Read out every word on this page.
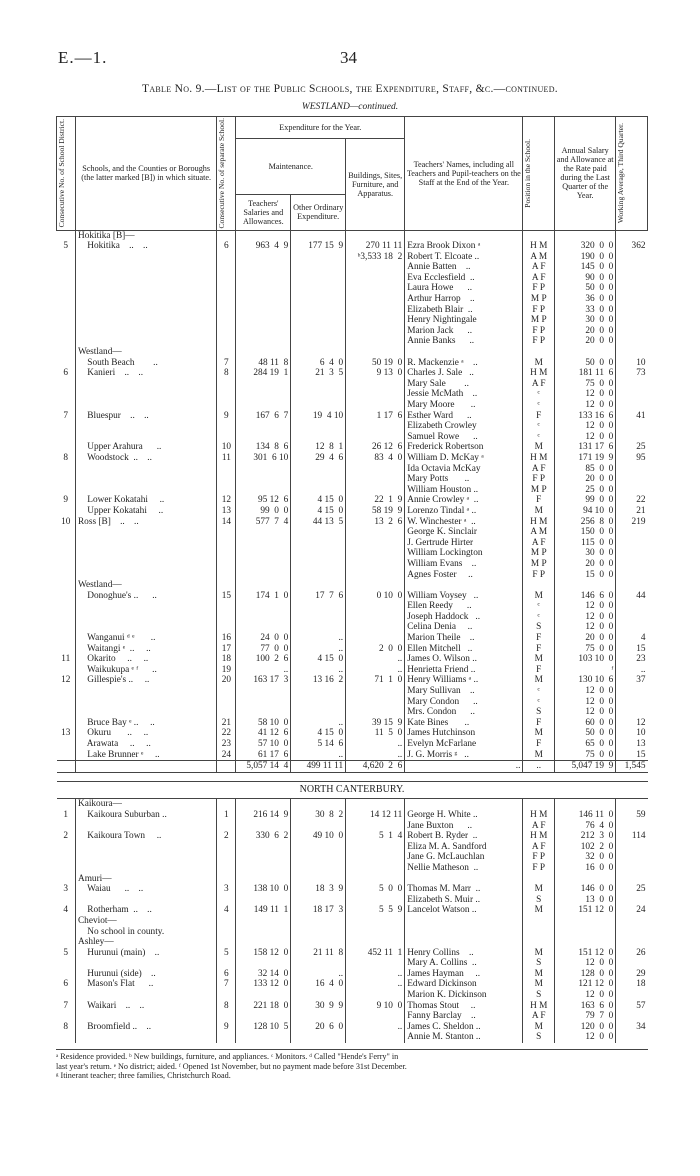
E.—1.	34
Table No. 9.—List of the Public Schools, the Expenditure, Staff, &c.—continued.
WESTLAND—continued.
Consecutive No. of School District.	Schools, and the Counties or Boroughs (the latter marked [B]) in which situate.	Consecutive No. of separate School.	Expenditure for the Year.			Teachers' Names, including all Teachers and Pupil-teachers on the Staff at the End of the Year.	Position in the School.	Annual Salary and Allowance at the Rate paid during the Last Quarter of the Year.	Working Average, Third Quarter.

			Maintenance.		Buildings, Sites, Furniture, and Apparatus.				
			Teachers' Salaries and Allowances.	Other Ordinary Expenditure.					
	Hokitika [B]—								
5	Hokitika    ..    ..	6	963  4  9	177 15  9	270 11 11	Ezra Brook Dixon ᵃ	H M	320  0  0	362
					ᵇ3,533 18  2	Robert T. Elcoate ..	A M	190  0  0	
						Annie Batten    ..	A F	145  0  0	
						Eva Ecclesfield  ..	A F	90  0  0	
						Laura Howe      ..	F P	50  0  0	
						Arthur Harrop    ..	M P	36  0  0	
						Elizabeth Blair  ..	F P	33  0  0	
						Henry Nightingale	M P	30  0  0	
						Marion Jack      ..	F P	20  0  0	
						Annie Banks      ..	F P	20  0  0	
	Westland—								
	South Beach        ..	7	48 11  8	6  4  0	50 19  0	R. Mackenzie ᵃ    ..	M	50  0  0	10
6	Kanieri    ..    ..	8	284 19  1	21  3  5	9 13  0	Charles J. Sale   ..	H M	181 11  6	73
						Mary Sale        ..	A F	75  0  0	
						Jessie McMath    ..	ᶜ	12  0  0	
						Mary Moore       ..	ᶜ	12  0  0	
7	Bluespur    ..    ..	9	167  6  7	19  4 10	1 17  6	Esther Ward      ..	F	133 16  6	41
						Elizabeth Crowley	ᶜ	12  0  0	
						Samuel Rowe      ..	ᶜ	12  0  0	
	Upper Arahura      ..	10	134  8  6	12  8  1	26 12  6	Frederick Robertson	M	131 17  6	25
8	Woodstock  ..    ..	11	301  6 10	29  4  6	83  4  0	William D. McKay ᵃ	H M	171 19  9	95
						Ida Octavia McKay	A F	85  0  0	
						Mary Potts       ..	F P	20  0  0	
						William Houston ..	M P	25  0  0	
9	Lower Kokatahi     ..	12	95 12  6	4 15  0	22  1  9	Annie Crowley ᵃ  ..	F	99  0  0	22
	Upper Kokatahi     ..	13	99  0  0	4 15  0	58 19  9	Lorenzo Tindal ᵃ ..	M	94 10  0	21
10	Ross [B]    ..    ..	14	577  7  4	44 13  5	13  2  6	W. Winchester ᵃ  ..	H M	256  8  0	219
						George K. Sinclair	A M	150  0  0	
						J. Gertrude Hirter	A F	115  0  0	
						William Lockington	M P	30  0  0	
						William Evans    ..	M P	20  0  0	
						Agnes Foster     ..	F P	15  0  0	
	Westland—								
	Donoghue's ..      ..	15	174  1  0	17  7  6	0 10  0	William Voysey   ..	M	146  6  0	44
						Ellen Reedy      ..	ᶜ	12  0  0	
						Joseph Haddock   ..	ᶜ	12  0  0	
						Celina Denia     ..	S	12  0  0	
	Wanganui ᵈ ᵉ       ..	16	24  0  0	..		Marion Theile    ..	F	20  0  0	4
	Waitangi ᵉ  ..     ..	17	77  0  0	..	2  0  0	Ellen Mitchell   ..	F	75  0  0	15
11	Okarito     ..     ..	18	100  2  6	4 15  0	..	James O. Wilson ..	M	103 10  0	23
	Waikukupa ᵉ ᶠ      ..	19	..	..	..	Henrietta Friend ..	F	ᶠ	..
12	Gillespie's ..     ..	20	163 17  3	13 16  2	71  1  0	Henry Williams ᵃ ..	M	130 10  6	37
						Mary Sullivan    ..	ᶜ	12  0  0	
						Mary Condon      ..	ᶜ	12  0  0	
						Mrs. Condon      ..	S	12  0  0	
	Bruce Bay ᵉ ..     ..	21	58 10  0	..	39 15  9	Kate Bines       ..	F	60  0  0	12
13	Okuru       ..     ..	22	41 12  6	4 15  0	11  5  0	James Hutchinson	M	50  0  0	10
	Arawata     ..     ..	23	57 10  0	5 14  6	..	Evelyn McFarlane	F	65  0  0	13
	Lake Brunner ᵉ     ..	24	61 17  6	..	..	J. G. Morris ᵍ   ..	M	75  0  0	15
			5,057 14  4	499 11 11	4,620  2  6	..	..	5,047 19  9	1,545

NORTH CANTERBURY.									
	Kaikoura—								
1	Kaikoura Suburban ..	1	216 14  9	30  8  2	14 12 11	George H. White ..	H M	146 11  0	59
						Jane Buxton      ..	A F	76  4  0	
2	Kaikoura Town     ..	2	330  6  2	49 10  0	5  1  4	Robert B. Ryder  ..	H M	212  3  0	114
						Eliza M. A. Sandford	A F	102  2  0	
						Jane G. McLauchlan	F P	32  0  0	
						Nellie Matheson  ..	F P	16  0  0	
	Amuri—								
3	Waiau      ..    ..	3	138 10  0	18  3  9	5  0  0	Thomas M. Marr  ..	M	146  0  0	25
						Elizabeth S. Muir ..	S	13  0  0	
4	Rotherham  ..    ..	4	149 11  1	18 17  3	5  5  9	Lancelot Watson ..	M	151 12  0	24
	Cheviot—								
	No school in county.								
	Ashley—								
5	Hurunui (main)    ..	5	158 12  0	21 11  8	452 11  1	Henry Collins    ..	M	151 12  0	26
						Mary A. Collins  ..	S	12  0  0	
	Hurunui (side)    ..	6	32 14  0	..	..	James Hayman     ..	M	128  0  0	29
6	Mason's Flat      ..	7	133 12  0	16  4  0	..	Edward Dickinson	M	121 12  0	18
						Marion K. Dickinson	S	12  0  0	
7	Waikari    ..    ..	8	221 18  0	30  9  9	9 10  0	Thomas Stout     ..	H M	163  6  0	57
						Fanny Barclay    ..	A F	79  7  0	
8	Broomfield ..    ..	9	128 10  5	20  6  0	..	James C. Sheldon ..	M	120  0  0	34
						Annie M. Stanton ..	S	12  0  0	
ᵃ Residence provided. ᵇ New buildings, furniture, and appliances. ᶜ Monitors. ᵈ Called "Hende's Ferry" in
last year's return. ᵉ No district; aided. ᶠ Opened 1st November, but no payment made before 31st December.
ᵍ Itinerant teacher; three families, Christchurch Road.
